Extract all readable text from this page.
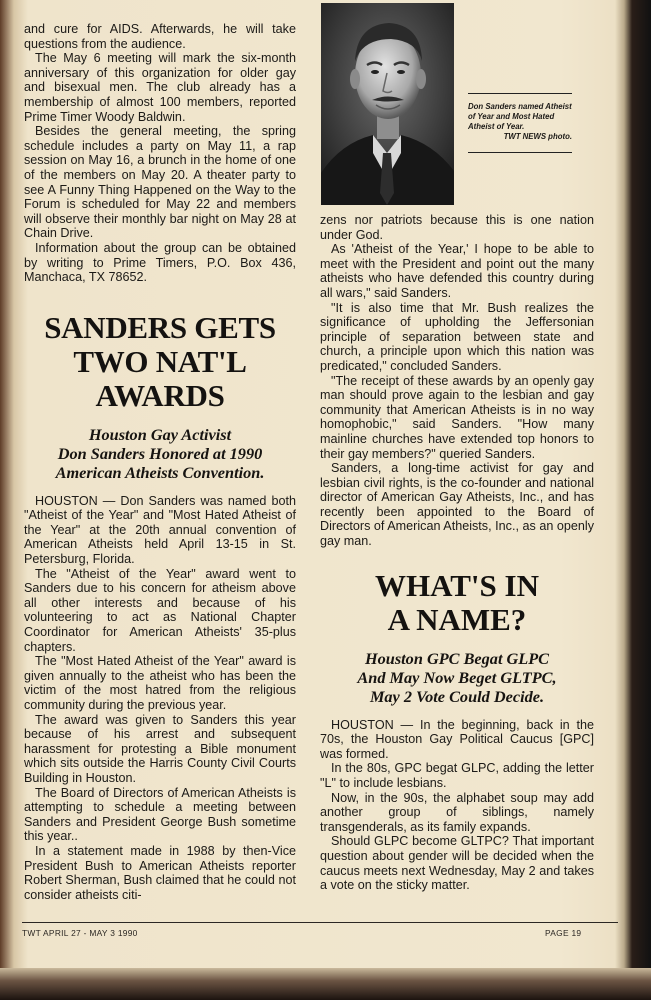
and cure for AIDS. Afterwards, he will take questions from the audience.

The May 6 meeting will mark the six-month anniversary of this organization for older gay and bisexual men. The club already has a membership of almost 100 members, reported Prime Timer Woody Baldwin.

Besides the general meeting, the spring schedule includes a party on May 11, a rap session on May 16, a brunch in the home of one of the members on May 20. A theater party to see A Funny Thing Happened on the Way to the Forum is scheduled for May 22 and members will observe their monthly bar night on May 28 at Chain Drive.

Information about the group can be obtained by writing to Prime Timers, P.O. Box 436, Manchaca, TX 78652.

SANDERS GETS
TWO NAT'L AWARDS
Houston Gay Activist
Don Sanders Honored at 1990
American Atheists Convention.

HOUSTON — Don Sanders was named both "Atheist of the Year" and "Most Hated Atheist of the Year" at the 20th annual convention of American Atheists held April 13-15 in St. Petersburg, Florida.

The "Atheist of the Year" award went to Sanders due to his concern for atheism above all other interests and because of his volunteering to act as National Chapter Coordinator for American Atheists' 35-plus chapters.

The "Most Hated Atheist of the Year" award is given annually to the atheist who has been the victim of the most hatred from the religious community during the previous year.

The award was given to Sanders this year because of his arrest and subsequent harassment for protesting a Bible monument which sits outside the Harris County Civil Courts Building in Houston.

The Board of Directors of American Atheists is attempting to schedule a meeting between Sanders and President George Bush sometime this year..

In a statement made in 1988 by then-Vice President Bush to American Atheists reporter Robert Sherman, Bush claimed that he could not consider atheists citi-

Don Sanders named Atheist of Year and Most Hated Atheist of Year.
TWT NEWS photo.

zens nor patriots because this is one nation under God.

As 'Atheist of the Year,' I hope to be able to meet with the President and point out the many atheists who have defended this country during all wars," said Sanders.

"It is also time that Mr. Bush realizes the significance of upholding the Jeffersonian principle of separation between state and church, a principle upon which this nation was predicated," concluded Sanders.

"The receipt of these awards by an openly gay man should prove again to the lesbian and gay community that American Atheists is in no way homophobic," said Sanders. "How many mainline churches have extended top honors to their gay members?" queried Sanders.

Sanders, a long-time activist for gay and lesbian civil rights, is the co-founder and national director of American Gay Atheists, Inc., and has recently been appointed to the Board of Directors of American Atheists, Inc., as an openly gay man.

WHAT'S IN
A NAME?
Houston GPC Begat GLPC
And May Now Beget GLTPC,
May 2 Vote Could Decide.

HOUSTON — In the beginning, back in the 70s, the Houston Gay Political Caucus [GPC] was formed.

In the 80s, GPC begat GLPC, adding the letter "L" to include lesbians.

Now, in the 90s, the alphabet soup may add another group of siblings, namely transgenderals, as its family expands.

Should GLPC become GLTPC? That important question about gender will be decided when the caucus meets next Wednesday, May 2 and takes a vote on the sticky matter.

TWT APRIL 27 - MAY 3 1990	PAGE 19
